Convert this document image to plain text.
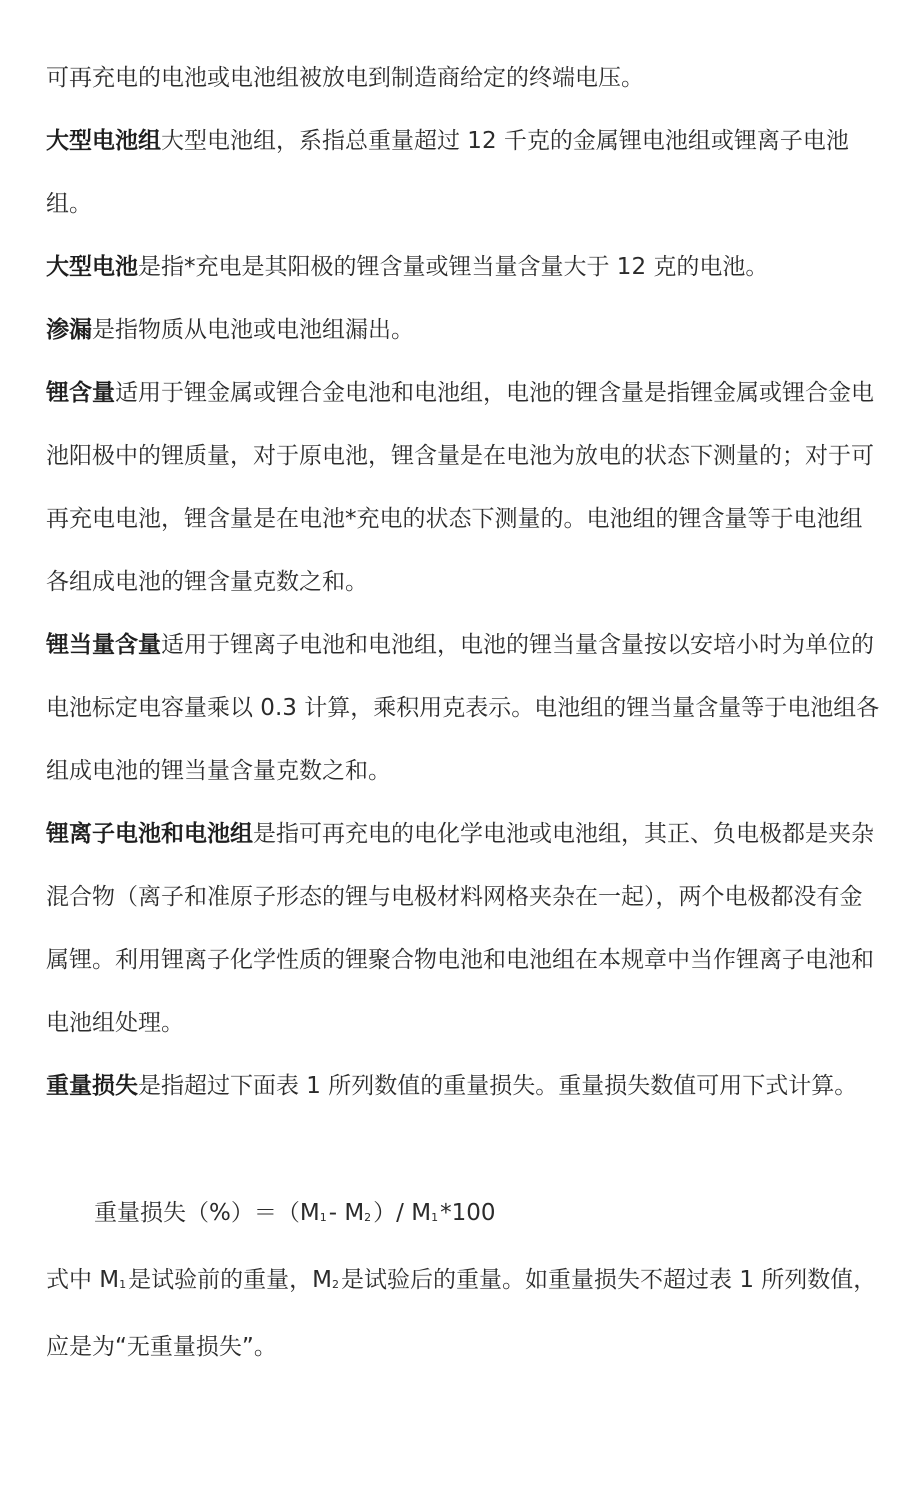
可再充电的电池或电池组被放电到制造商给定的终端电压。

大型电池组大型电池组，系指总重量超过 12 千克的金属锂电池组或锂离子电池组。

大型电池是指*充电是其阳极的锂含量或锂当量含量大于 12 克的电池。

渗漏是指物质从电池或电池组漏出。

锂含量适用于锂金属或锂合金电池和电池组，电池的锂含量是指锂金属或锂合金电池阳极中的锂质量，对于原电池，锂含量是在电池为放电的状态下测量的；对于可再充电电池，锂含量是在电池*充电的状态下测量的。电池组的锂含量等于电池组各组成电池的锂含量克数之和。

锂当量含量适用于锂离子电池和电池组，电池的锂当量含量按以安培小时为单位的电池标定电容量乘以 0.3 计算，乘积用克表示。电池组的锂当量含量等于电池组各组成电池的锂当量含量克数之和。

锂离子电池和电池组是指可再充电的电化学电池或电池组，其正、负电极都是夹杂混合物（离子和准原子形态的锂与电极材料网格夹杂在一起），两个电极都没有金属锂。利用锂离子化学性质的锂聚合物电池和电池组在本规章中当作锂离子电池和电池组处理。

重量损失是指超过下面表 1 所列数值的重量损失。重量损失数值可用下式计算。

重量损失（%）＝（M1- M2）/ M1*100

式中 M1是试验前的重量，M2是试验后的重量。如重量损失不超过表 1 所列数值，应是为“无重量损失”。
